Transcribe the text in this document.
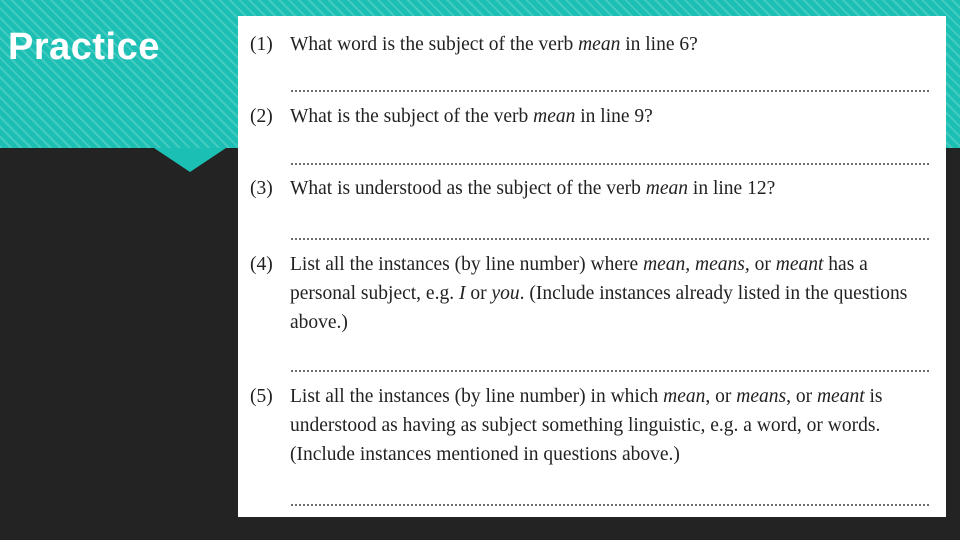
Practice	(1) What word is the subject of the verb mean in line 6?
(2) What is the subject of the verb mean in line 9?
(3) What is understood as the subject of the verb mean in line 12?
(4) List all the instances (by line number) where mean, means, or meant has a personal subject, e.g. I or you. (Include instances already listed in the questions above.)
(5) List all the instances (by line number) in which mean, or means, or meant is understood as having as subject something linguistic, e.g. a word, or words. (Include instances mentioned in questions above.)
